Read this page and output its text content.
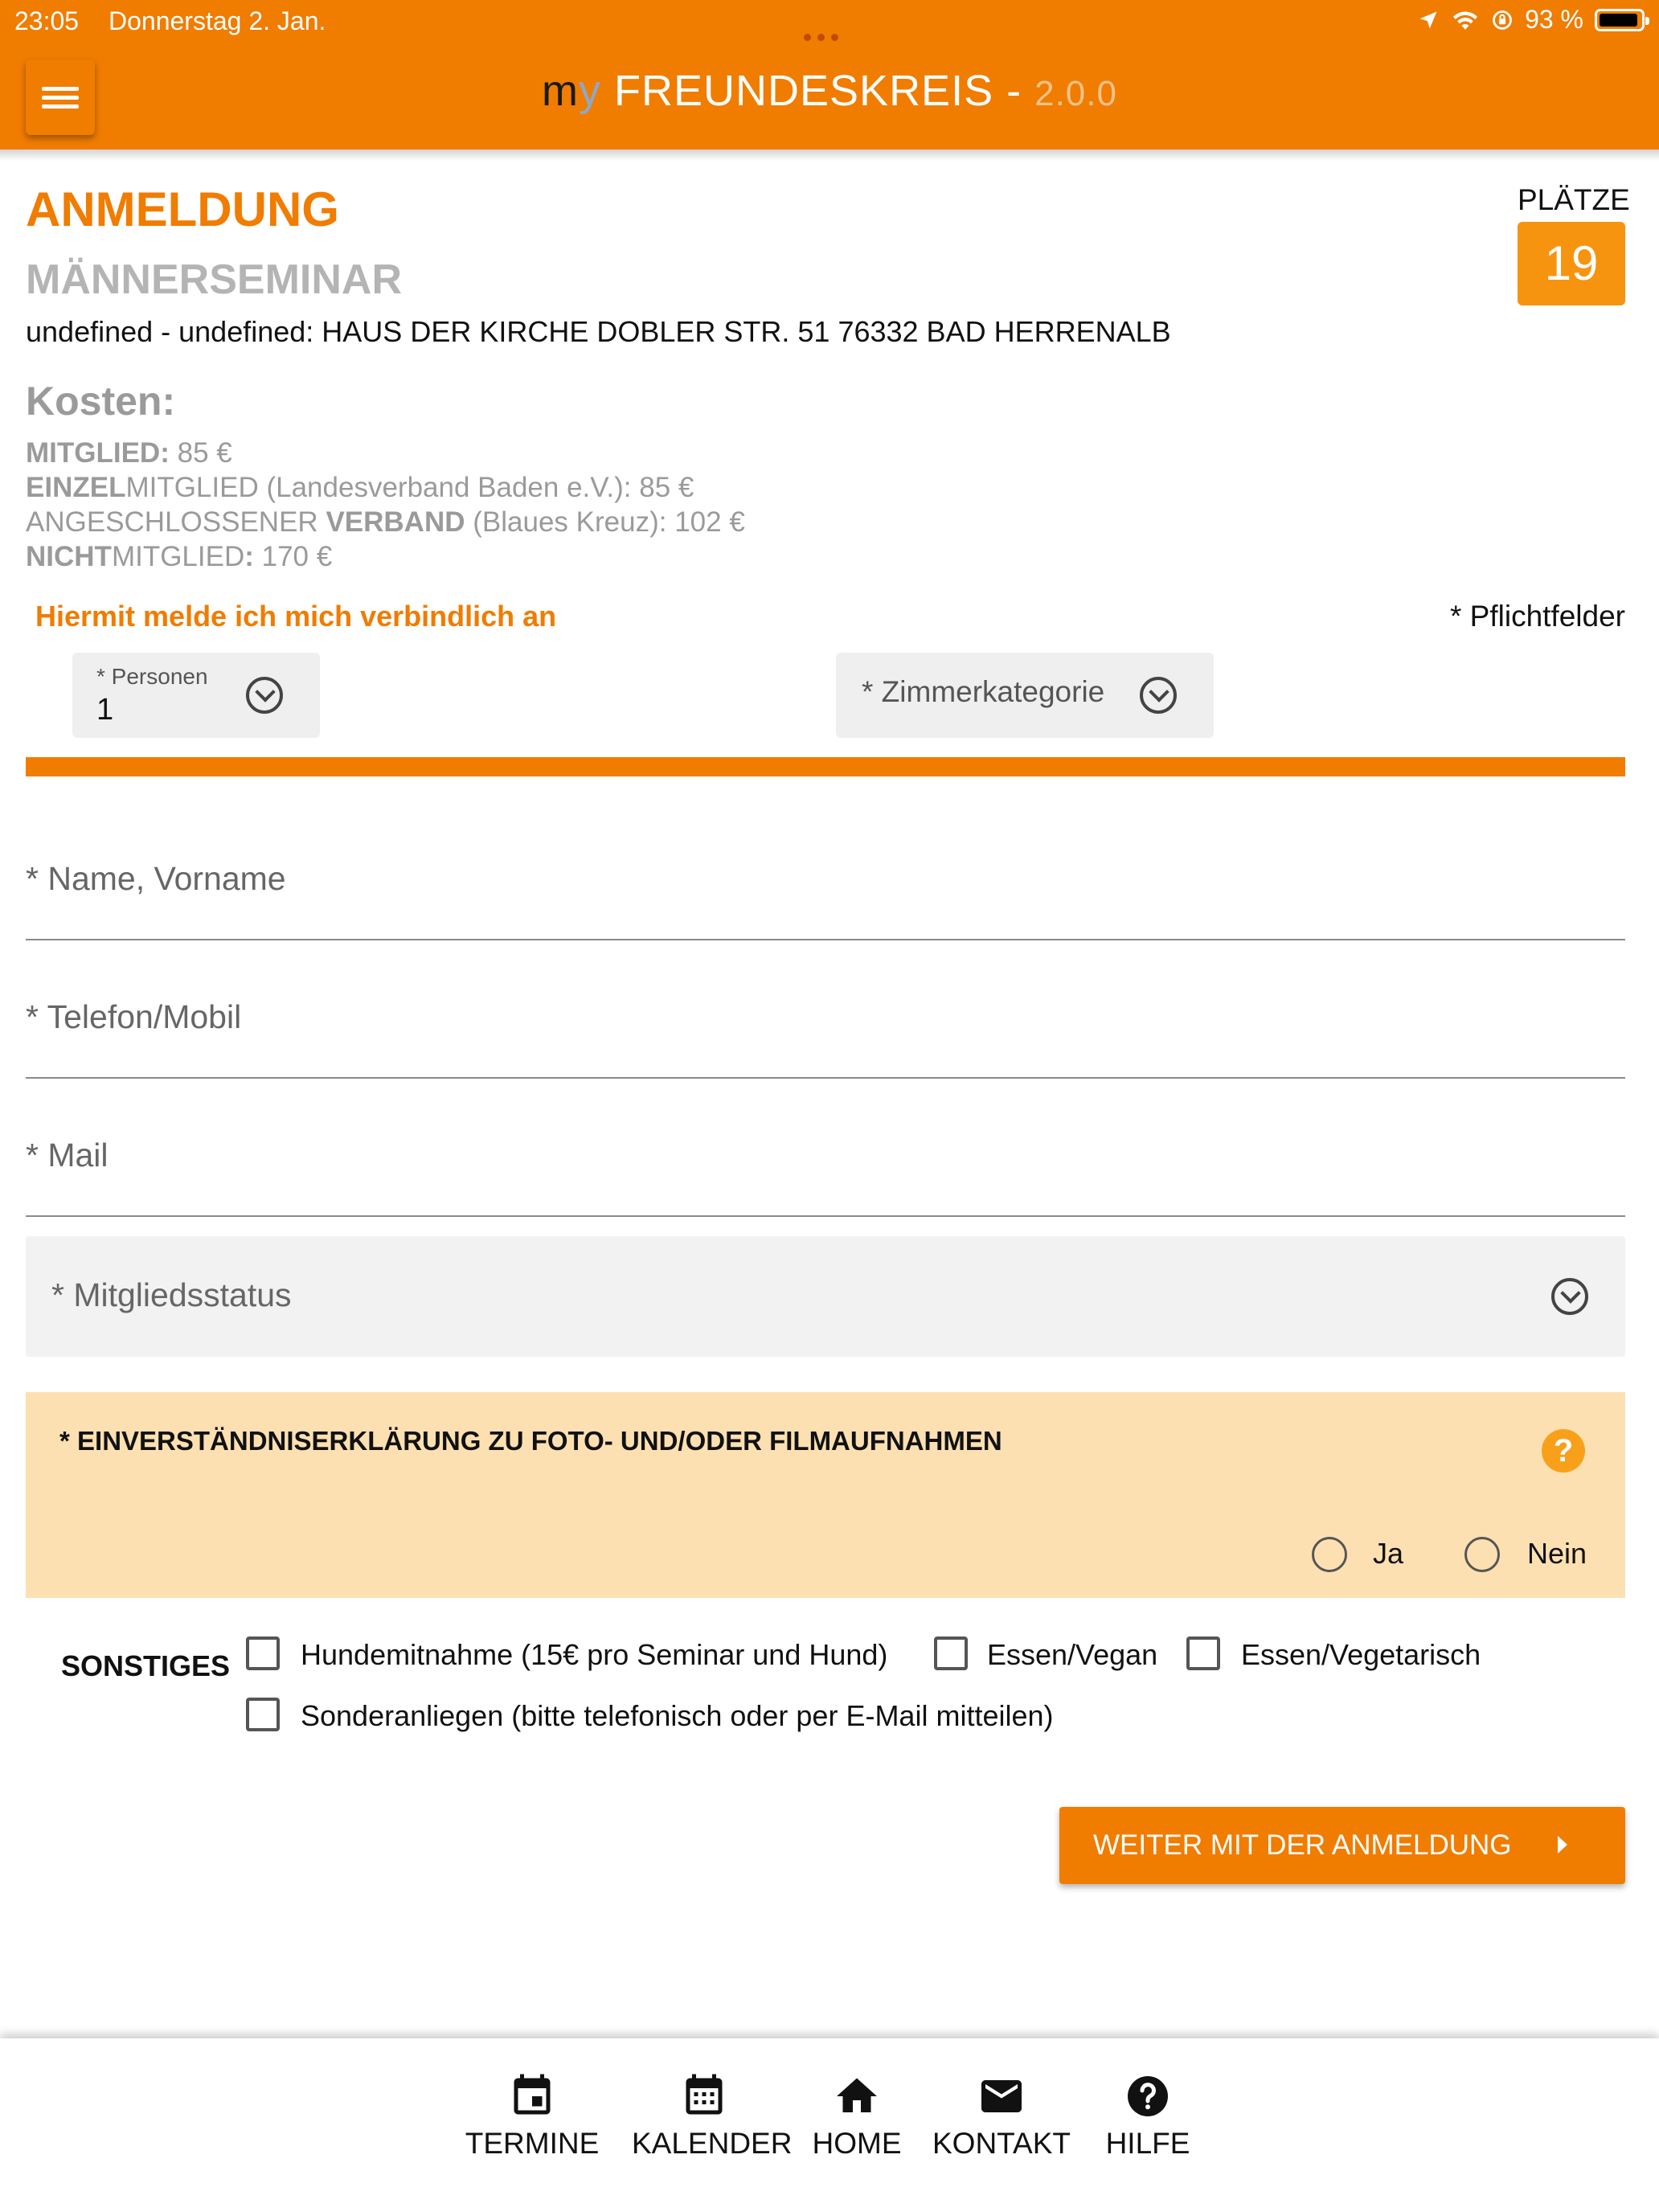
23:05 Donnerstag 2. Jan.	93 %
my FREUNDESKREIS - 2.0.0
ANMELDUNG
MÄNNERSEMINAR
undefined - undefined: HAUS DER KIRCHE DOBLER STR. 51 76332 BAD HERRENALB
PLÄTZE
19
Kosten:
MITGLIED: 85 €
EINZELMITGLIED (Landesverband Baden e.V.): 85 €
ANGESCHLOSSENER VERBAND (Blaues Kreuz): 102 €
NICHTMITGLIED: 170 €
Hiermit melde ich mich verbindlich an	* Pflichtfelder
* Personen
1
* Zimmerkategorie
* Name, Vorname
* Telefon/Mobil
* Mail
* Mitgliedsstatus
* EINVERSTÄNDNISERKLÄRUNG ZU FOTO- UND/ODER FILMAUFNAHMEN	?
Ja	Nein
SONSTIGES Hundemitnahme (15€ pro Seminar und Hund)	Essen/Vegan	Essen/Vegetarisch
Sonderanliegen (bitte telefonisch oder per E-Mail mitteilen)
WEITER MIT DER ANMELDUNG
TERMINE KALENDER HOME	KONTAKT	HILFE
